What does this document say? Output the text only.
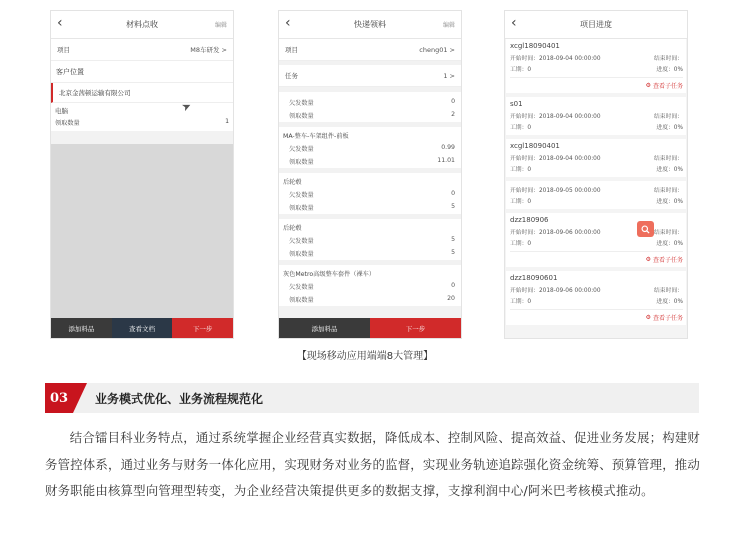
‹	材料点收	编辑
项目	M8车研发 >
客户位置
北京金茜顿运输有限公司
电脑
领取数量	1
➤
添加料品	查看文档	下一步
‹	快递领料	编辑
项目	cheng01 >
任务	1 >
欠发数量	0
领取数量	2
MA-整车-车架组件-前板
欠发数量	0.99
领取数量	11.01
后轮毂
欠发数量	0
领取数量	5
后轮毂
欠发数量	5
领取数量	5
灰色Metro高级整车套件（裸车）
欠发数量	0
领取数量	20
添加料品	下一步
‹	项目进度
xcgl18090401
开始时间：2018-09-04 00:00:00	结束时间：
工期：0	进度：0%
⚙ 查看子任务
s01
开始时间：2018-09-04 00:00:00	结束时间：
工期：0	进度：0%
xcgl18090401
开始时间：2018-09-04 00:00:00	结束时间：
工期：0	进度：0%
开始时间：2018-09-05 00:00:00	结束时间：
工期：0	进度：0%
dzz180906
开始时间：2018-09-06 00:00:00	结束时间：
工期：0	进度：0%
⚙ 查看子任务
dzz18090601
开始时间：2018-09-06 00:00:00	结束时间：
工期：0	进度：0%
⚙ 查看子任务
【现场移动应用端端8大管理】
03	业务模式优化、业务流程规范化
结合镭目科业务特点，通过系统掌握企业经营真实数据，降低成本、控制风险、提高效益、促进业务发展；构建财务管控体系，通过业务与财务一体化应用，实现财务对业务的监督，实现业务轨迹追踪强化资金统筹、预算管理，推动财务职能由核算型向管理型转变，为企业经营决策提供更多的数据支撑，支撑利润中心/阿米巴考核模式推动。
